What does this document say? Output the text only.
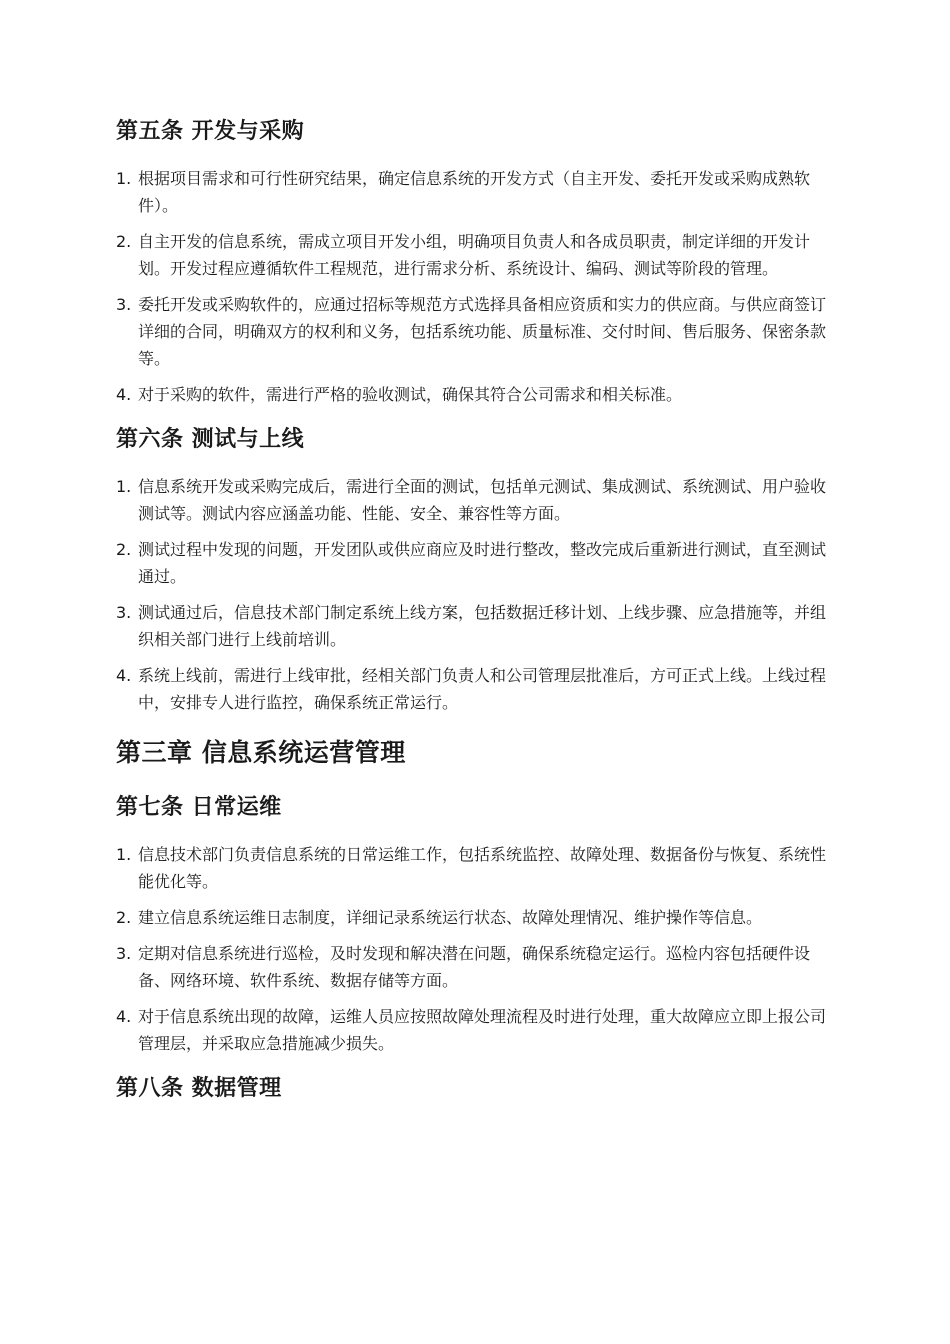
第五条 开发与采购
1. 根据项目需求和可行性研究结果，确定信息系统的开发方式（自主开发、委托开发或采购成熟软件）。
2. 自主开发的信息系统，需成立项目开发小组，明确项目负责人和各成员职责，制定详细的开发计划。开发过程应遵循软件工程规范，进行需求分析、系统设计、编码、测试等阶段的管理。
3. 委托开发或采购软件的，应通过招标等规范方式选择具备相应资质和实力的供应商。与供应商签订详细的合同，明确双方的权利和义务，包括系统功能、质量标准、交付时间、售后服务、保密条款等。
4. 对于采购的软件，需进行严格的验收测试，确保其符合公司需求和相关标准。
第六条 测试与上线
1. 信息系统开发或采购完成后，需进行全面的测试，包括单元测试、集成测试、系统测试、用户验收测试等。测试内容应涵盖功能、性能、安全、兼容性等方面。
2. 测试过程中发现的问题，开发团队或供应商应及时进行整改，整改完成后重新进行测试，直至测试通过。
3. 测试通过后，信息技术部门制定系统上线方案，包括数据迁移计划、上线步骤、应急措施等，并组织相关部门进行上线前培训。
4. 系统上线前，需进行上线审批，经相关部门负责人和公司管理层批准后，方可正式上线。上线过程中，安排专人进行监控，确保系统正常运行。
第三章 信息系统运营管理
第七条 日常运维
1. 信息技术部门负责信息系统的日常运维工作，包括系统监控、故障处理、数据备份与恢复、系统性能优化等。
2. 建立信息系统运维日志制度，详细记录系统运行状态、故障处理情况、维护操作等信息。
3. 定期对信息系统进行巡检，及时发现和解决潜在问题，确保系统稳定运行。巡检内容包括硬件设备、网络环境、软件系统、数据存储等方面。
4. 对于信息系统出现的故障，运维人员应按照故障处理流程及时进行处理，重大故障应立即上报公司管理层，并采取应急措施减少损失。
第八条 数据管理
